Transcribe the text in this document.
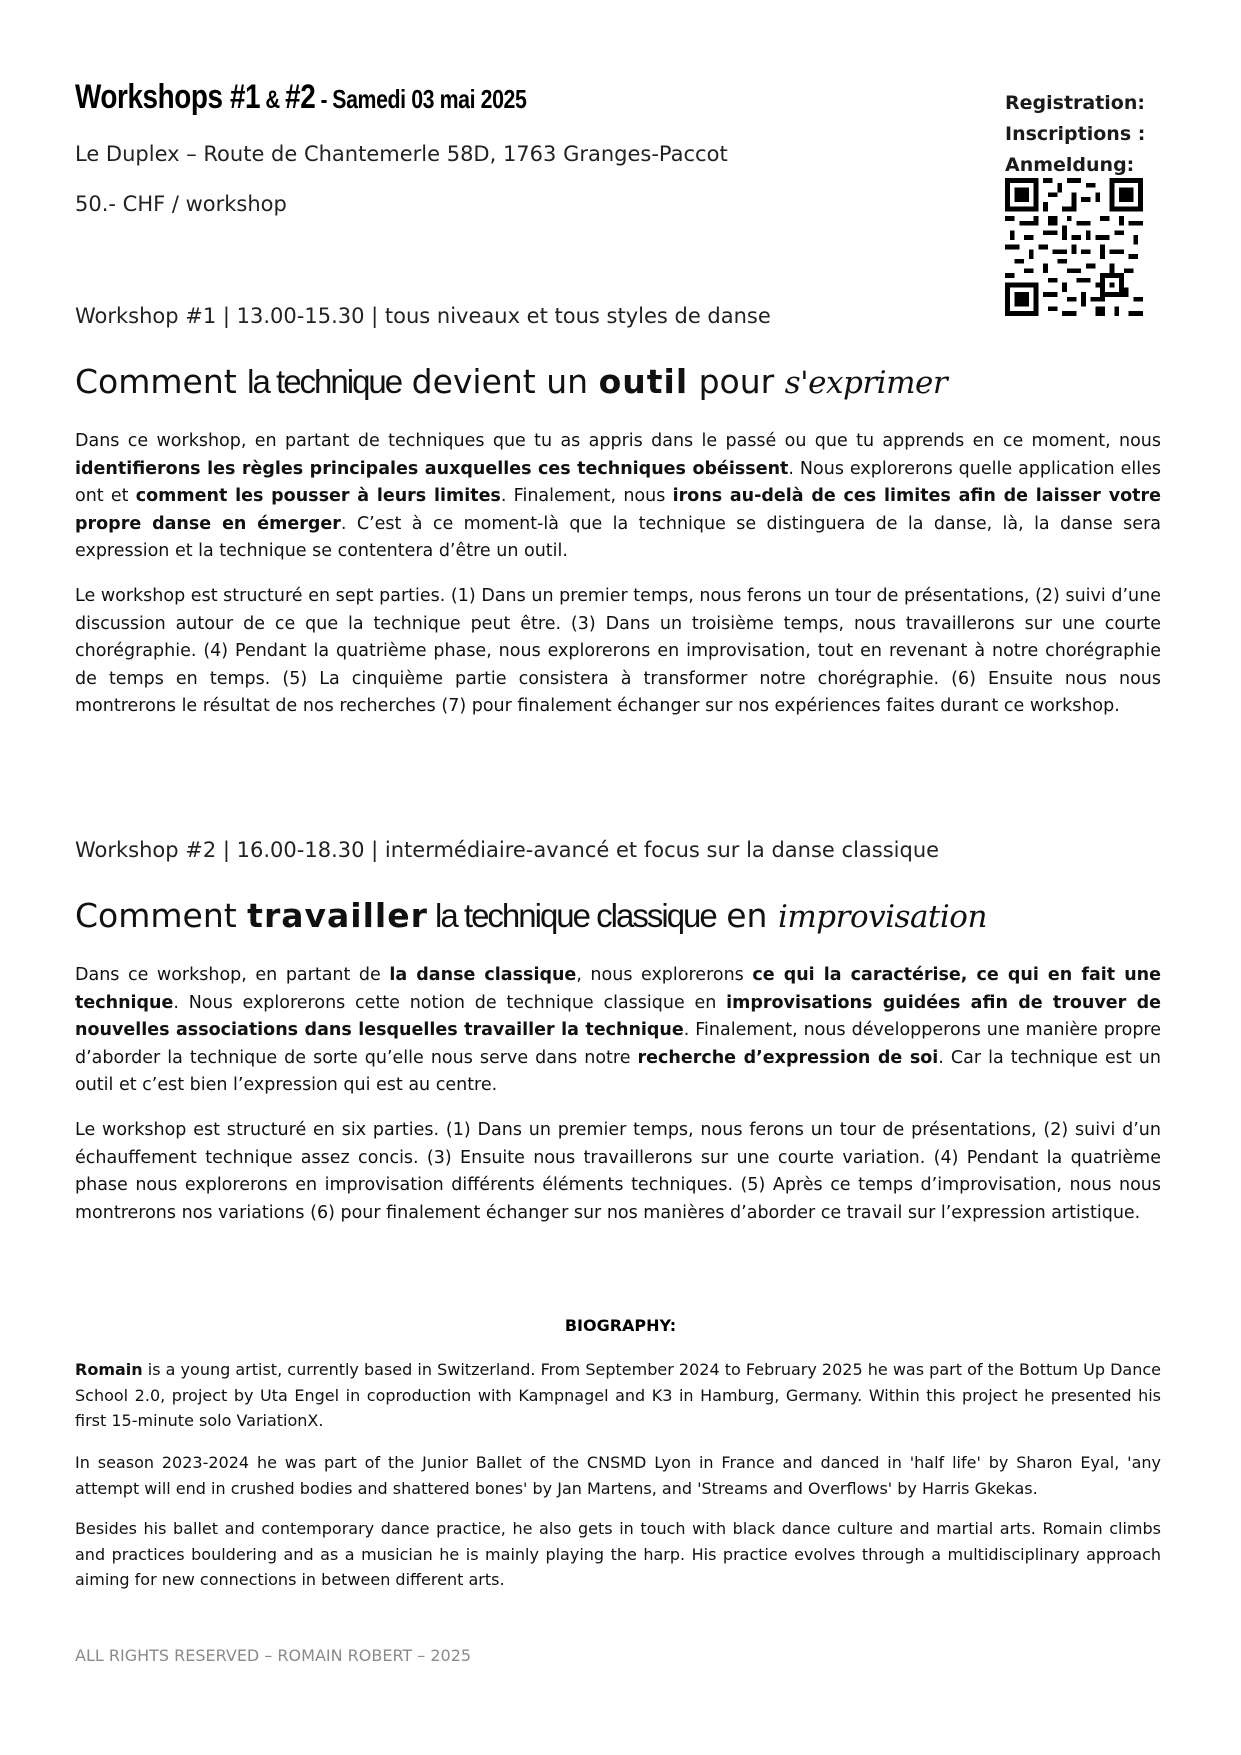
Workshops #1 & #2 - Samedi 03 mai 2025
Le Duplex – Route de Chantemerle 58D, 1763 Granges-Paccot
50.- CHF / workshop
Registration:
Inscriptions :
Anmeldung:
Workshop #1 | 13.00-15.30 | tous niveaux et tous styles de danse
Comment la technique devient un outil pour s'exprimer
Dans ce workshop, en partant de techniques que tu as appris dans le passé ou que tu apprends en ce moment, nous identifierons les règles principales auxquelles ces techniques obéissent. Nous explorerons quelle application elles ont et comment les pousser à leurs limites. Finalement, nous irons au-delà de ces limites afin de laisser votre propre danse en émerger. C’est à ce moment-là que la technique se distinguera de la danse, là, la danse sera expression et la technique se contentera d’être un outil.
Le workshop est structuré en sept parties. (1) Dans un premier temps, nous ferons un tour de présentations, (2) suivi d’une discussion autour de ce que la technique peut être. (3) Dans un troisième temps, nous travaillerons sur une courte chorégraphie. (4) Pendant la quatrième phase, nous explorerons en improvisation, tout en revenant à notre chorégraphie de temps en temps. (5) La cinquième partie consistera à transformer notre chorégraphie. (6) Ensuite nous nous montrerons le résultat de nos recherches (7) pour finalement échanger sur nos expériences faites durant ce workshop.
Workshop #2 | 16.00-18.30 | intermédiaire-avancé et focus sur la danse classique
Comment travailler la technique classique en improvisation
Dans ce workshop, en partant de la danse classique, nous explorerons ce qui la caractérise, ce qui en fait une technique. Nous explorerons cette notion de technique classique en improvisations guidées afin de trouver de nouvelles associations dans lesquelles travailler la technique. Finalement, nous développerons une manière propre d’aborder la technique de sorte qu’elle nous serve dans notre recherche d’expression de soi. Car la technique est un outil et c’est bien l’expression qui est au centre.
Le workshop est structuré en six parties. (1) Dans un premier temps, nous ferons un tour de présentations, (2) suivi d’un échauffement technique assez concis. (3) Ensuite nous travaillerons sur une courte variation. (4) Pendant la quatrième phase nous explorerons en improvisation différents éléments techniques. (5) Après ce temps d’improvisation, nous nous montrerons nos variations (6) pour finalement échanger sur nos manières d’aborder ce travail sur l’expression artistique.
BIOGRAPHY:
Romain is a young artist, currently based in Switzerland. From September 2024 to February 2025 he was part of the Bottum Up Dance School 2.0, project by Uta Engel in coproduction with Kampnagel and K3 in Hamburg, Germany. Within this project he presented his first 15-minute solo VariationX.
In season 2023-2024 he was part of the Junior Ballet of the CNSMD Lyon in France and danced in 'half life' by Sharon Eyal, 'any attempt will end in crushed bodies and shattered bones' by Jan Martens, and 'Streams and Overflows' by Harris Gkekas.
Besides his ballet and contemporary dance practice, he also gets in touch with black dance culture and martial arts. Romain climbs and practices bouldering and as a musician he is mainly playing the harp. His practice evolves through a multidisciplinary approach aiming for new connections in between different arts.
ALL RIGHTS RESERVED – ROMAIN ROBERT – 2025
